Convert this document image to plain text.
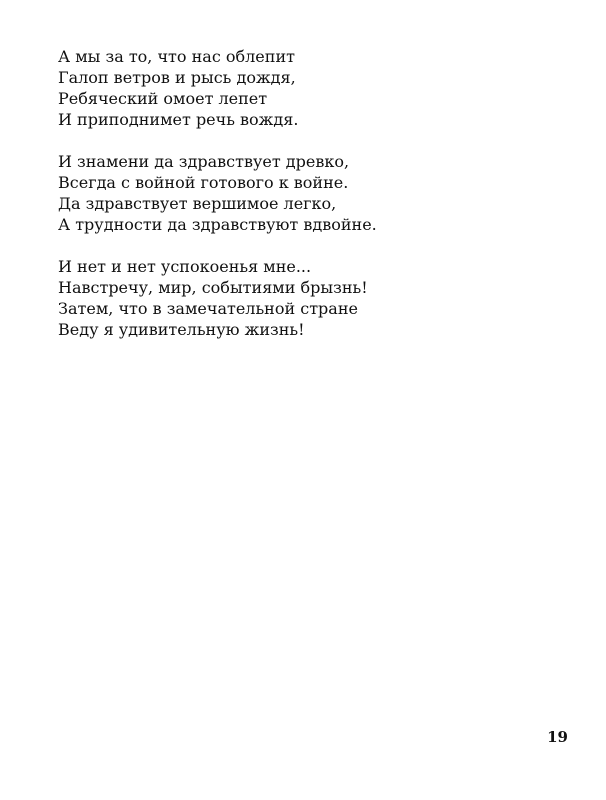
А мы за то, что нас облепит
Галоп ветров и рысь дождя,
Ребяческий омоет лепет
И приподнимет речь вождя.
И знамени да здравствует древко,
Всегда с войной готового к войне.
Да здравствует вершимое легко,
А трудности да здравствуют вдвойне.
И нет и нет успокоенья мне...
Навстречу, мир, событиями брызнь!
Затем, что в замечательной стране
Веду я удивительную жизнь!
19
